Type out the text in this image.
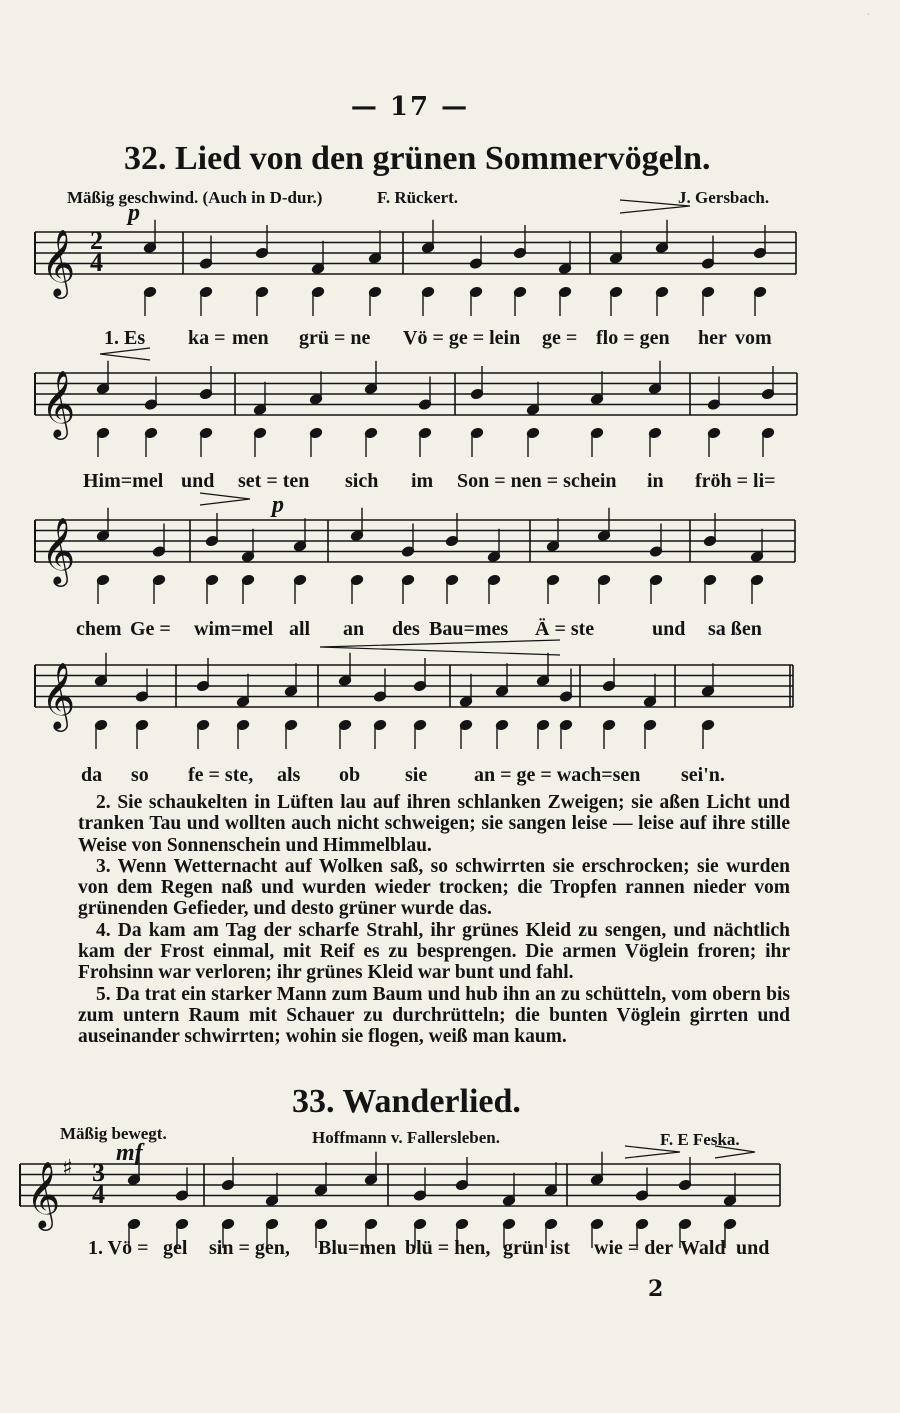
·
— 17 —
32. Lied von den grünen Sommervögeln.
Mäßig geschwind. (Auch in D-dur.)	F. Rückert.	J. Gersbach.
p
p
𝄞
𝄞
𝄞
𝄞
𝄞 ♯
2
4
3
4
1. Es ka = men grü = ne Vö = ge = lein ge = flo = gen her vom
Him=mel und set = ten sich im Son = nen = schein in fröh = li=
chem Ge = wim=mel all an des Bau=mes Ä = ste	und sa ßen
da so fe = ste, als ob sie an = ge = wach=sen sei'n.

2. Sie schaukelten in Lüften lau auf ihren schlanken Zweigen; sie aßen Licht und tranken Tau und wollten auch nicht schweigen; sie sangen leise — leise auf ihre stille Weise von Sonnenschein und Himmelblau.

3. Wenn Wetternacht auf Wolken saß, so schwirrten sie erschrocken; sie wurden von dem Regen naß und wurden wieder trocken; die Tropfen rannen nieder vom grünenden Gefieder, und desto grüner wurde das.

4. Da kam am Tag der scharfe Strahl, ihr grünes Kleid zu sengen, und nächtlich kam der Frost einmal, mit Reif es zu besprengen. Die armen Vöglein froren; ihr Frohsinn war verloren; ihr grünes Kleid war bunt und fahl.

5. Da trat ein starker Mann zum Baum und hub ihn an zu schütteln, vom obern bis zum untern Raum mit Schauer zu durchrütteln; die bunten Vöglein girrten und auseinander schwirrten; wohin sie flogen, weiß man kaum.

33. Wanderlied.
Mäßig bewegt.	Hoffmann v. Fallersleben.	F. E Feska.
mf
1. Vö = gel sin = gen, Blu=men blü = hen, grün ist wie = der Wald und
2
